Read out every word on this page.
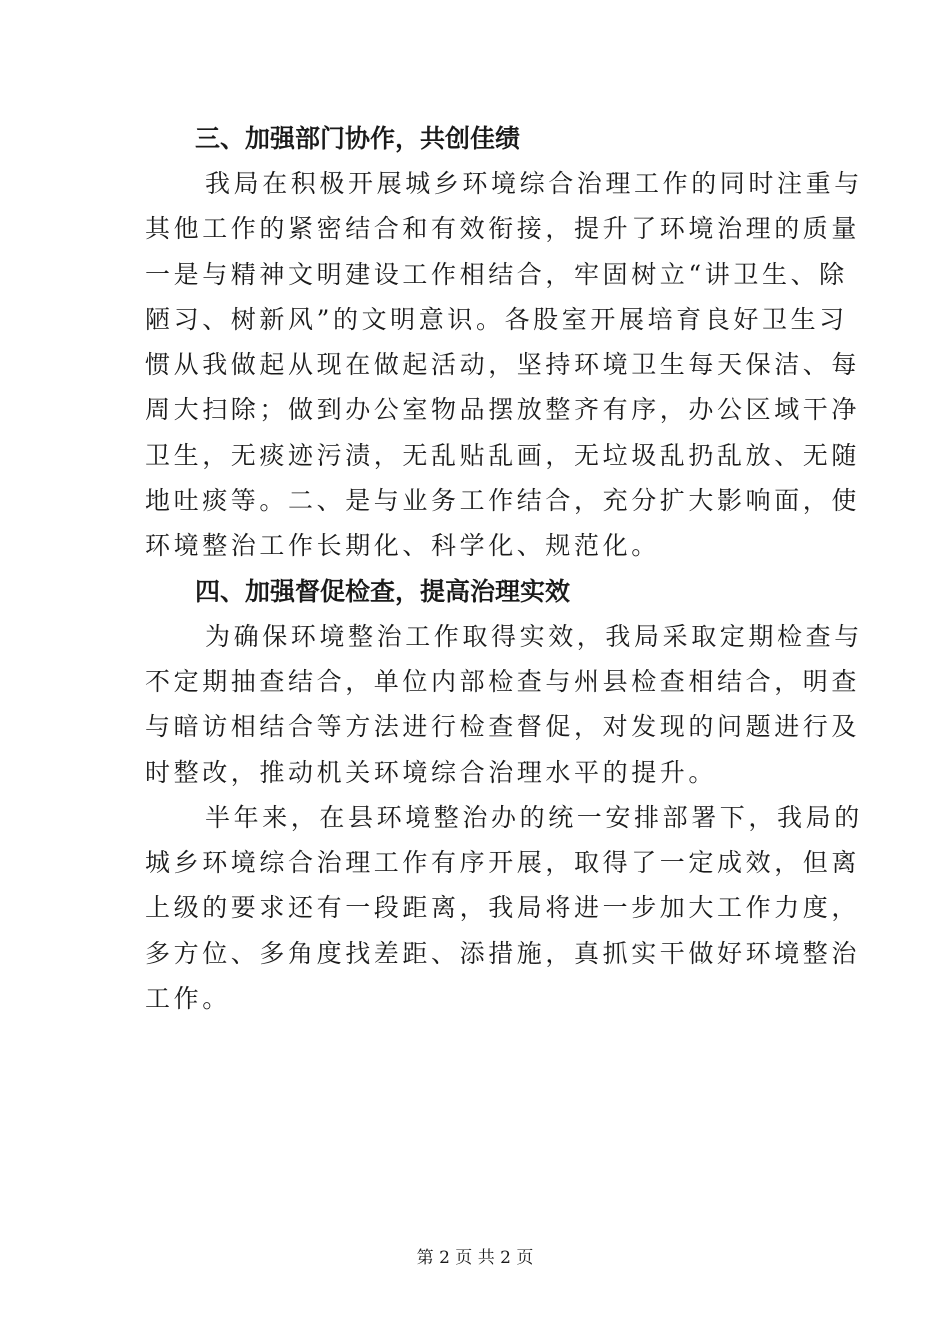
三、加强部门协作，共创佳绩

我局在积极开展城乡环境综合治理工作的同时注重与
其他工作的紧密结合和有效衔接，提升了环境治理的质量
一是与精神文明建设工作相结合，牢固树立“讲卫生、除
陋习、树新风”的文明意识。各股室开展培育良好卫生习
惯从我做起从现在做起活动，坚持环境卫生每天保洁、每
周大扫除；做到办公室物品摆放整齐有序，办公区域干净
卫生，无痰迹污渍，无乱贴乱画，无垃圾乱扔乱放、无随
地吐痰等。二、是与业务工作结合，充分扩大影响面，使
环境整治工作长期化、科学化、规范化。

四、加强督促检查，提高治理实效

为确保环境整治工作取得实效，我局采取定期检查与
不定期抽查结合，单位内部检查与州县检查相结合，明查
与暗访相结合等方法进行检查督促，对发现的问题进行及
时整改，推动机关环境综合治理水平的提升。

半年来，在县环境整治办的统一安排部署下，我局的
城乡环境综合治理工作有序开展，取得了一定成效，但离
上级的要求还有一段距离，我局将进一步加大工作力度，
多方位、多角度找差距、添措施，真抓实干做好环境整治
工作。

第 2 页 共 2 页
